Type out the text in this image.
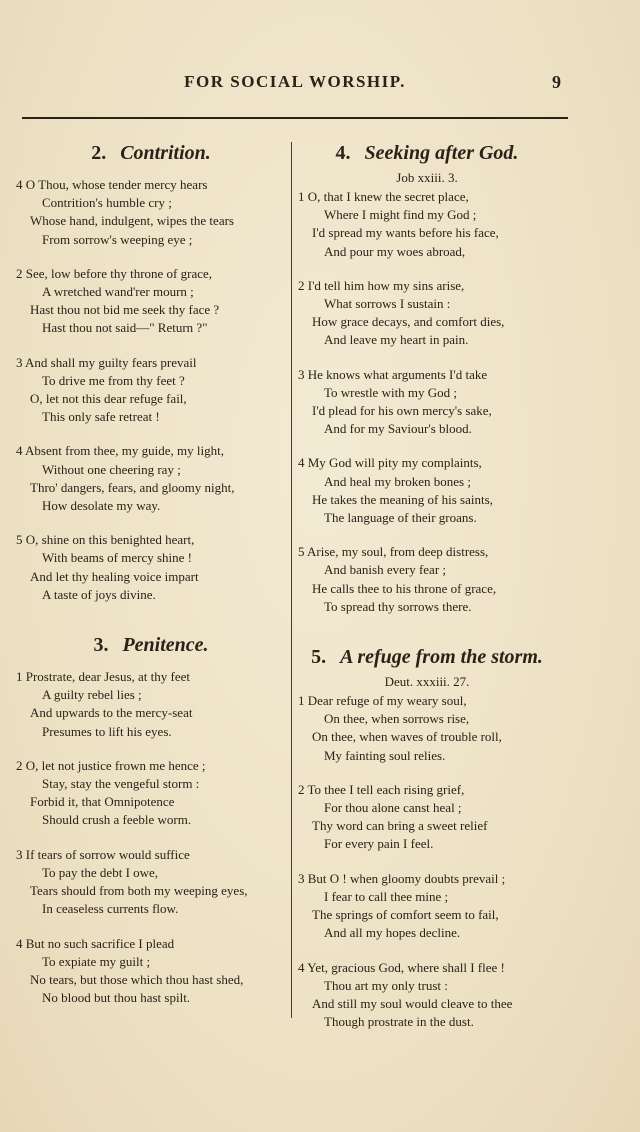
FOR SOCIAL WORSHIP.	9
2. Contrition.
4 O Thou, whose tender mercy hears
Contrition's humble cry ;
Whose hand, indulgent, wipes the tears
From sorrow's weeping eye ;
2 See, low before thy throne of grace,
A wretched wand'rer mourn ;
Hast thou not bid me seek thy face ?
Hast thou not said—" Return ?"
3 And shall my guilty fears prevail
To drive me from thy feet ?
O, let not this dear refuge fail,
This only safe retreat !
4 Absent from thee, my guide, my light,
Without one cheering ray ;
Thro' dangers, fears, and gloomy night,
How desolate my way.
5 O, shine on this benighted heart,
With beams of mercy shine !
And let thy healing voice impart
A taste of joys divine.
3. Penitence.
1 Prostrate, dear Jesus, at thy feet
A guilty rebel lies ;
And upwards to the mercy-seat
Presumes to lift his eyes.
2 O, let not justice frown me hence ;
Stay, stay the vengeful storm :
Forbid it, that Omnipotence
Should crush a feeble worm.
3 If tears of sorrow would suffice
To pay the debt I owe,
Tears should from both my weeping eyes,
In ceaseless currents flow.
4 But no such sacrifice I plead
To expiate my guilt ;
No tears, but those which thou hast shed,
No blood but thou hast spilt.
4. Seeking after God.
Job xxiii. 3.
1 O, that I knew the secret place,
Where I might find my God ;
I'd spread my wants before his face,
And pour my woes abroad,
2 I'd tell him how my sins arise,
What sorrows I sustain :
How grace decays, and comfort dies,
And leave my heart in pain.
3 He knows what arguments I'd take
To wrestle with my God ;
I'd plead for his own mercy's sake,
And for my Saviour's blood.
4 My God will pity my complaints,
And heal my broken bones ;
He takes the meaning of his saints,
The language of their groans.
5 Arise, my soul, from deep distress,
And banish every fear ;
He calls thee to his throne of grace,
To spread thy sorrows there.
5. A refuge from the storm.
Deut. xxxiii. 27.
1 Dear refuge of my weary soul,
On thee, when sorrows rise,
On thee, when waves of trouble roll,
My fainting soul relies.
2 To thee I tell each rising grief,
For thou alone canst heal ;
Thy word can bring a sweet relief
For every pain I feel.
3 But O ! when gloomy doubts prevail ;
I fear to call thee mine ;
The springs of comfort seem to fail,
And all my hopes decline.
4 Yet, gracious God, where shall I flee !
Thou art my only trust :
And still my soul would cleave to thee
Though prostrate in the dust.
